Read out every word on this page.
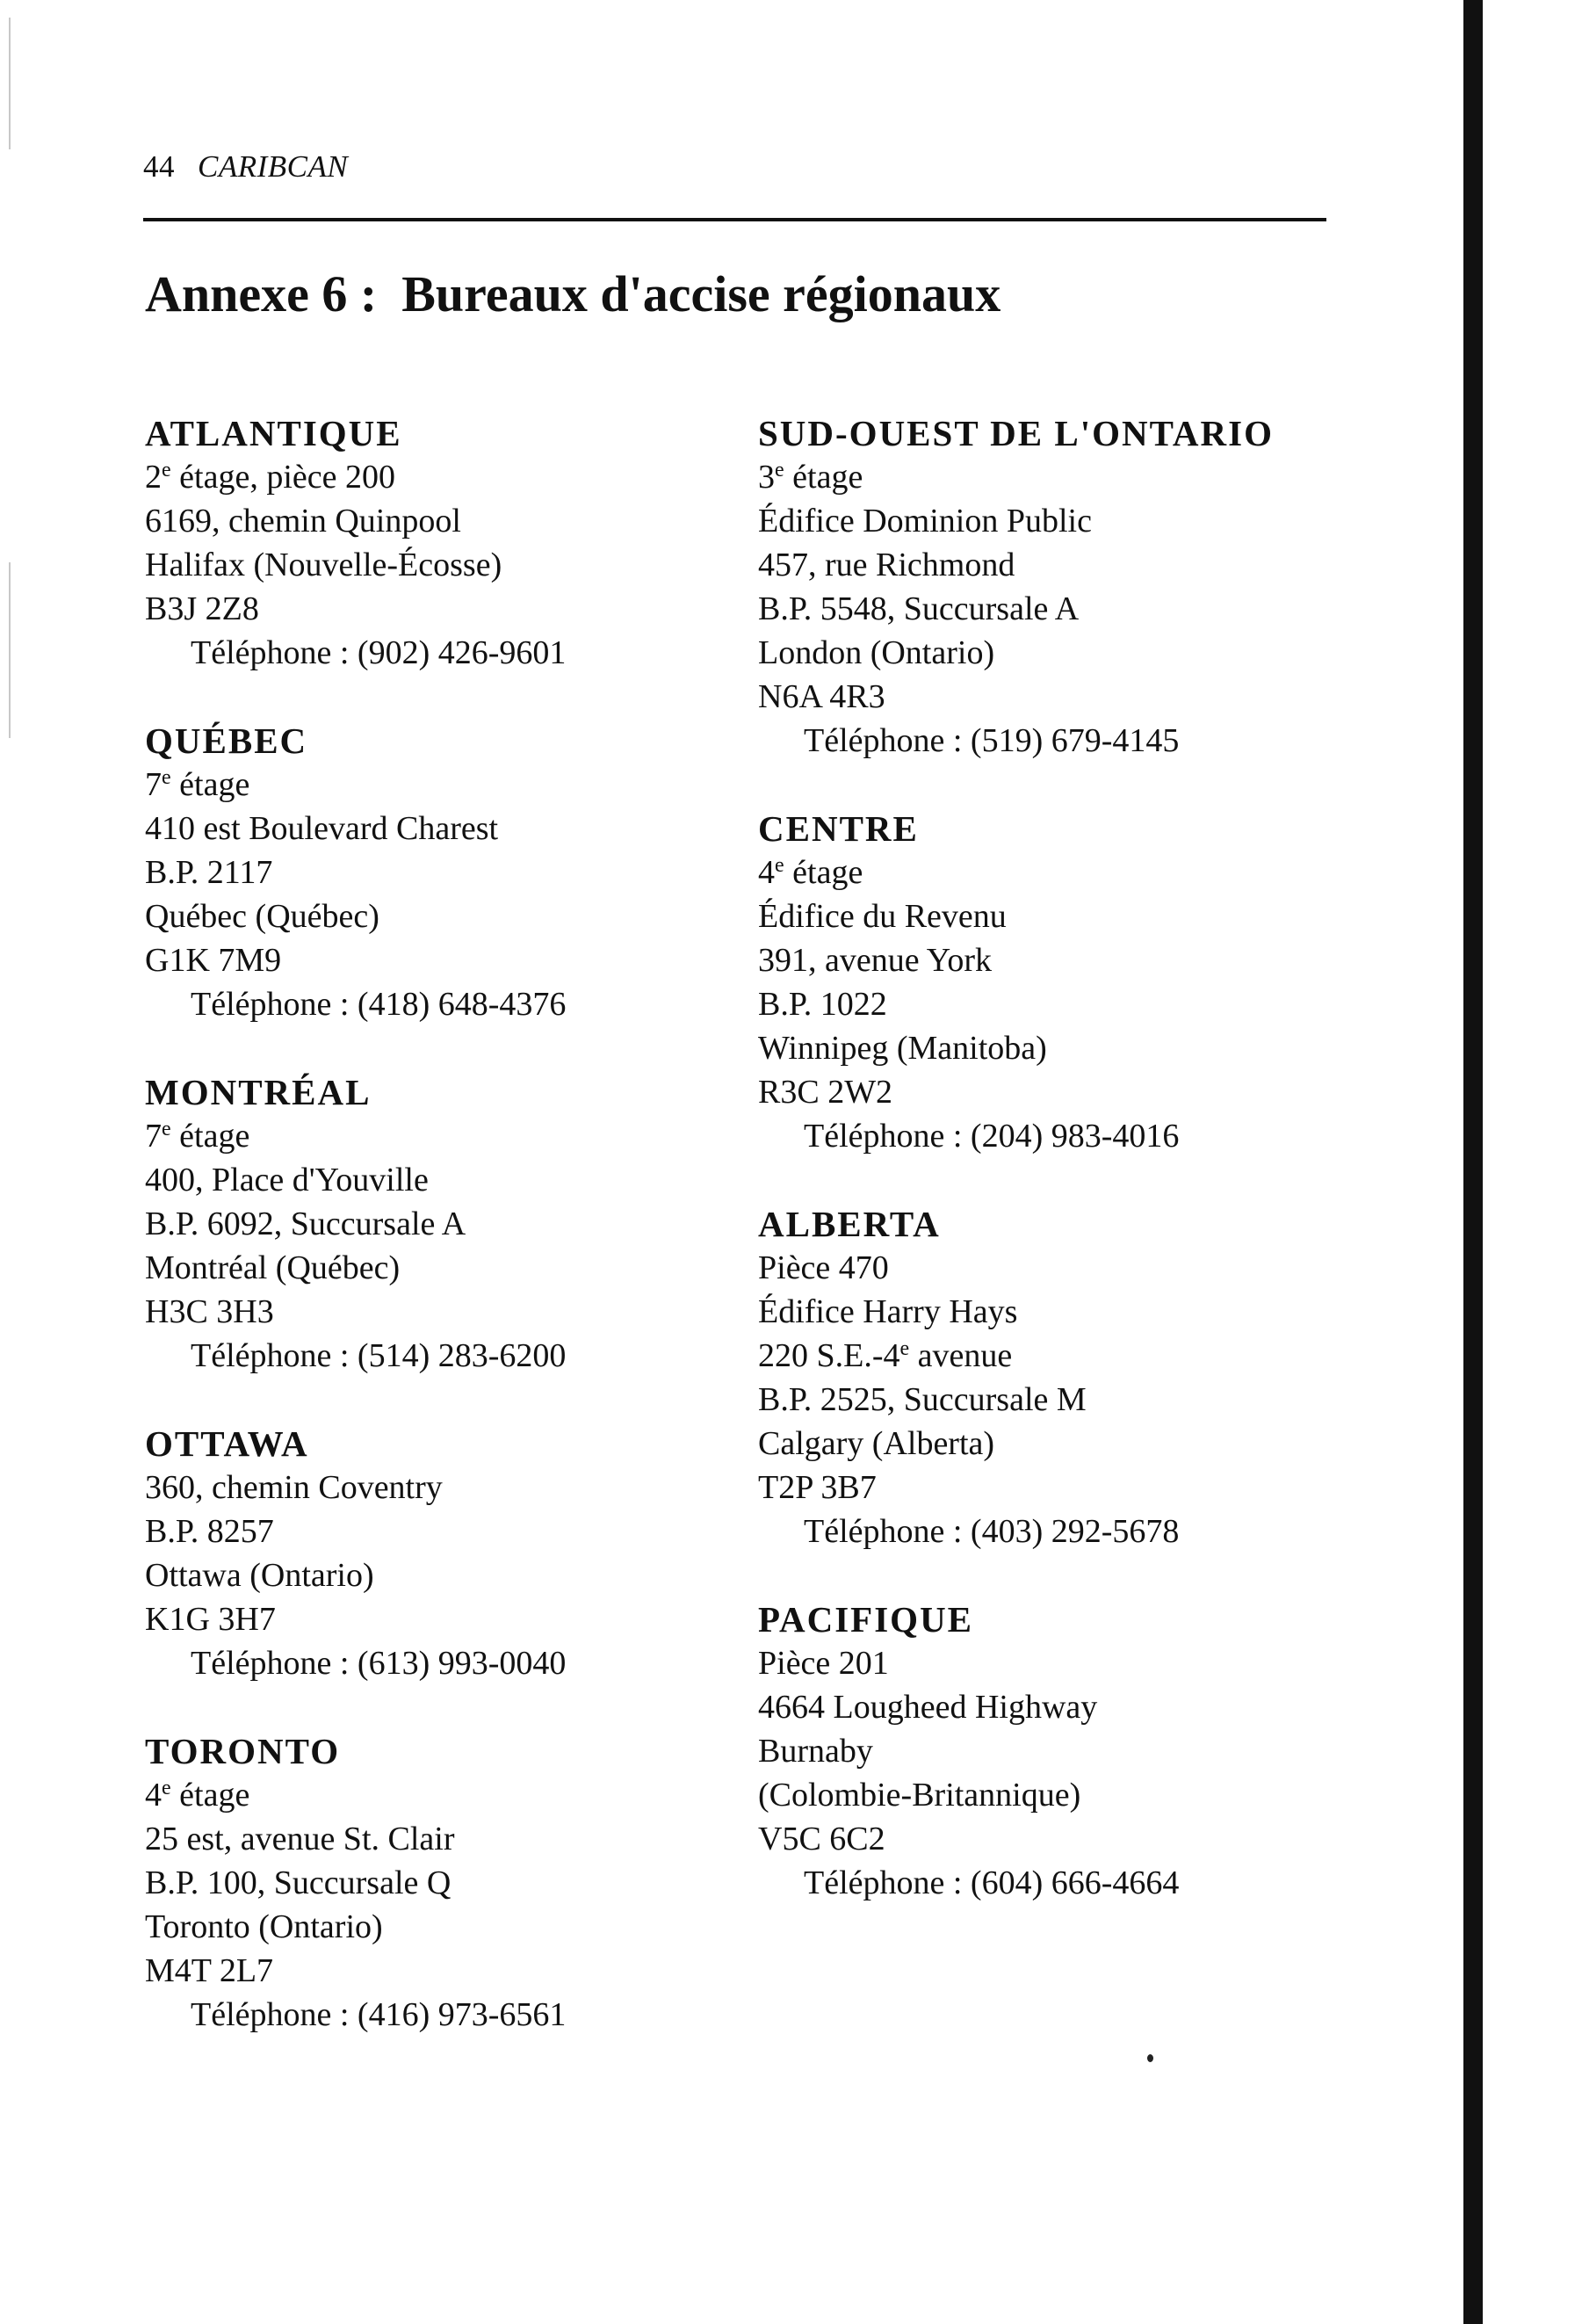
44 CARIBCAN
Annexe 6 : Bureaux d'accise régionaux
ATLANTIQUE
2e étage, pièce 200
6169, chemin Quinpool
Halifax (Nouvelle-Écosse)
B3J 2Z8
Téléphone : (902) 426-9601
QUÉBEC
7e étage
410 est Boulevard Charest
B.P. 2117
Québec (Québec)
G1K 7M9
Téléphone : (418) 648-4376
MONTRÉAL
7e étage
400, Place d'Youville
B.P. 6092, Succursale A
Montréal (Québec)
H3C 3H3
Téléphone : (514) 283-6200
OTTAWA
360, chemin Coventry
B.P. 8257
Ottawa (Ontario)
K1G 3H7
Téléphone : (613) 993-0040
TORONTO
4e étage
25 est, avenue St. Clair
B.P. 100, Succursale Q
Toronto (Ontario)
M4T 2L7
Téléphone : (416) 973-6561
SUD-OUEST DE L'ONTARIO
3e étage
Édifice Dominion Public
457, rue Richmond
B.P. 5548, Succursale A
London (Ontario)
N6A 4R3
Téléphone : (519) 679-4145
CENTRE
4e étage
Édifice du Revenu
391, avenue York
B.P. 1022
Winnipeg (Manitoba)
R3C 2W2
Téléphone : (204) 983-4016
ALBERTA
Pièce 470
Édifice Harry Hays
220 S.E.-4e avenue
B.P. 2525, Succursale M
Calgary (Alberta)
T2P 3B7
Téléphone : (403) 292-5678
PACIFIQUE
Pièce 201
4664 Lougheed Highway
Burnaby
(Colombie-Britannique)
V5C 6C2
Téléphone : (604) 666-4664
